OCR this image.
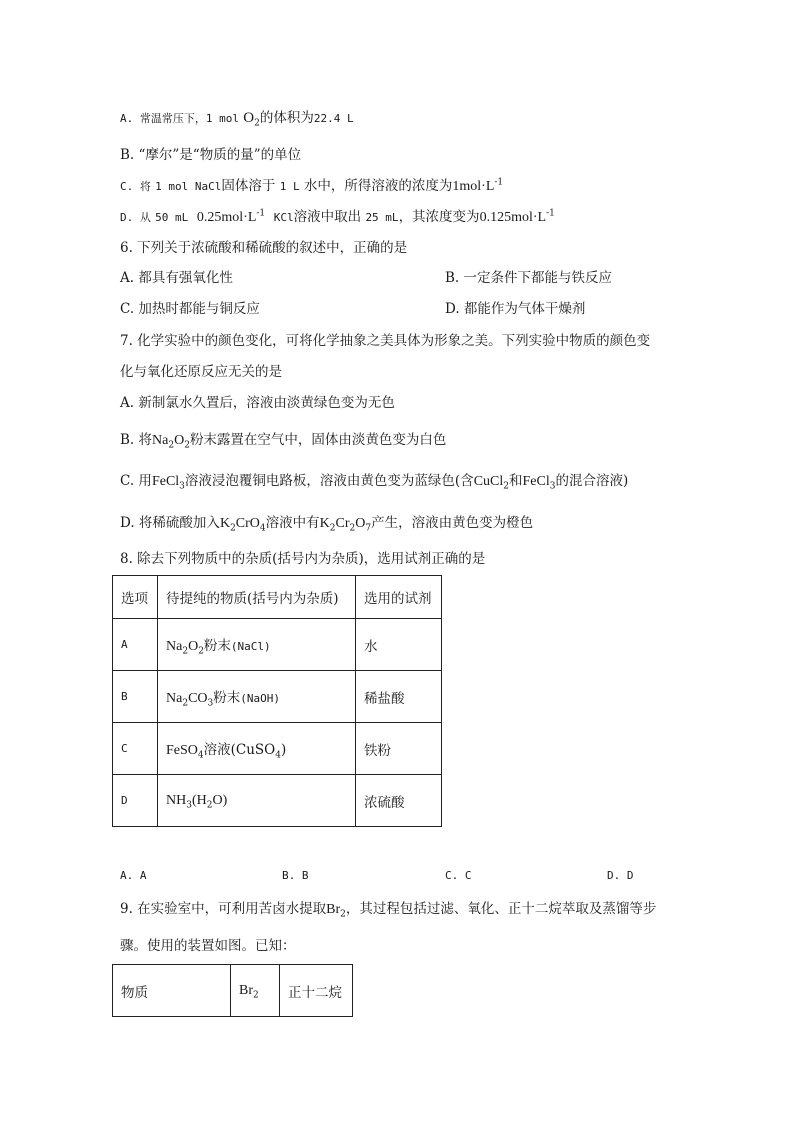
A. 常温常压下，1 mol $O_2$的体积为22.4 L
B. “摩尔”是“物质的量”的单位
C. 将 1 mol NaCl固体溶于 1 L 水中，所得溶液的浓度为$1mol\cdot L^{-1}$
D. 从 50 mL $0.25mol\cdot L^{-1}$ KCl溶液中取出 25 mL，其浓度变为$0.125mol\cdot L^{-1}$
6. 下列关于浓硫酸和稀硫酸的叙述中，正确的是
A. 都具有强氧化性	B. 一定条件下都能与铁反应
C. 加热时都能与铜反应	D. 都能作为气体干燥剂
7. 化学实验中的颜色变化，可将化学抽象之美具体为形象之美。下列实验中物质的颜色变
化与氧化还原反应无关的是
A. 新制氯水久置后，溶液由淡黄绿色变为无色
B. 将$Na_2O_2$粉末露置在空气中，固体由淡黄色变为白色
C. 用FeCl$_3$溶液浸泡覆铜电路板，溶液由黄色变为蓝绿色(含CuCl$_2$和FeCl$_3$的混合溶液)
D. 将稀硫酸加入$K_2CrO_4$溶液中有$K_2Cr_2O_7$产生，溶液由黄色变为橙色
8. 除去下列物质中的杂质(括号内为杂质)，选用试剂正确的是
选项	待提纯的物质(括号内为杂质)	选用的试剂
A	$Na_2O_2$粉末(NaCl)	水
B	$Na_2CO_3$粉末(NaOH)	稀盐酸
C	FeSO$_4$溶液(CuSO$_4$)	铁粉
D	$NH_3(H_2O)$	浓硫酸
A. A	B. B	C. C	D. D
9. 在实验室中，可利用苦卤水提取$Br_2$，其过程包括过滤、氧化、正十二烷萃取及蒸馏等步
骤。使用的装置如图。已知：
物质	$Br_2$	正十二烷
